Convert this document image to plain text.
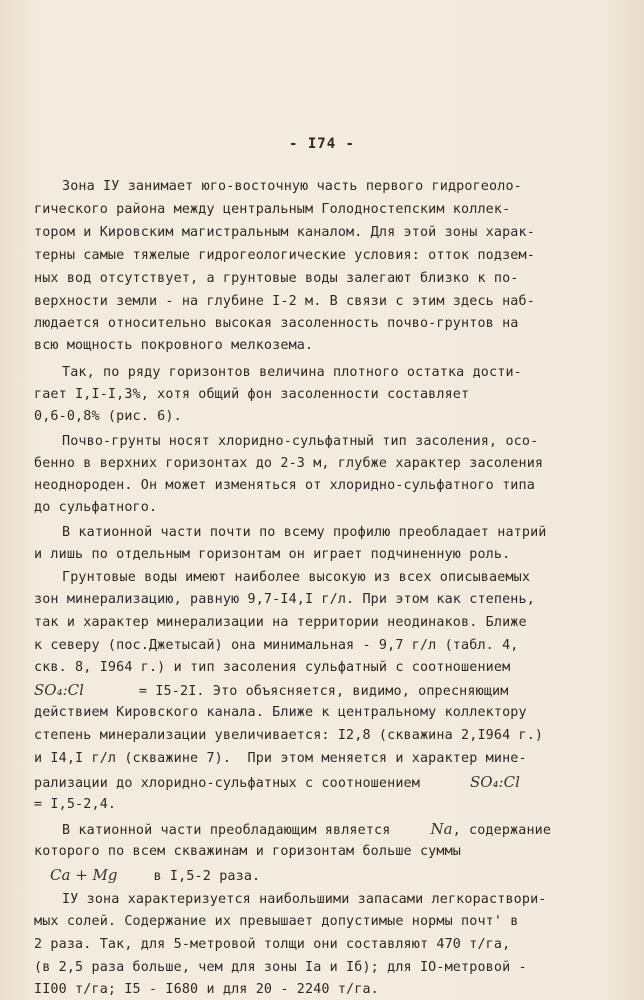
- I74 -
Зона IУ занимает юго-восточную часть первого гидрогеоло-
гического района между центральным Голодностепским коллек-
тором и Кировским магистральным каналом. Для этой зоны харак-
терны самые тяжелые гидрогеологические условия: отток подзем-
ных вод отсутствует, а грунтовые воды залегают близко к по-
верхности земли - на глубине I-2 м. В связи с этим здесь наб-
людается относительно высокая засоленность почво-грунтов на
всю мощность покровного мелкозема.
Так, по ряду горизонтов величина плотного остатка дости-
гает I,I-I,3%, хотя общий фон засоленности составляет
0,6-0,8% (рис. 6).
Почво-грунты носят хлоридно-сульфатный тип засоления, осо-
бенно в верхних горизонтах до 2-3 м, глубже характер засоления
неоднороден. Он может изменяться от хлоридно-сульфатного типа
до сульфатного.
В катионной части почти по всему профилю преобладает натрий
и лишь по отдельным горизонтам он играет подчиненную роль.
Грунтовые воды имеют наиболее высокую из всех описываемых
зон минерализацию, равную 9,7-I4,I г/л. При этом как степень,
так и характер минерализации на территории неодинаков. Ближе
к северу (пос.Джетысай) она минимальная - 9,7 г/л (табл. 4,
скв. 8, I964 г.) и тип засоления сульфатный с соотношением
SO₄:Cl	= I5-2I. Это объясняется, видимо, опресняющим
действием Кировского канала. Ближе к центральному коллектору
степень минерализации увеличивается: I2,8 (скважина 2,I964 г.)
и I4,I г/л (скважине 7).  При этом меняется и характер мине-
рализации до хлоридно-сульфатных с соотношением	SO₄:Cl
= I,5-2,4.
В катионной части преобладающим является	Na, содержание
которого по всем скважинам и горизонтам больше суммы
Ca + Mg	в I,5-2 раза.
IУ зона характеризуется наибольшими запасами легкораствори-
мых солей. Содержание их превышает допустимые нормы почт' в
2 раза. Так, для 5-метровой толщи они составляют 470 т/га,
(в 2,5 раза больше, чем для зоны Iа и Iб); для IO-метровой -
II00 т/га; I5 - I680 и для 20 - 2240 т/га.
